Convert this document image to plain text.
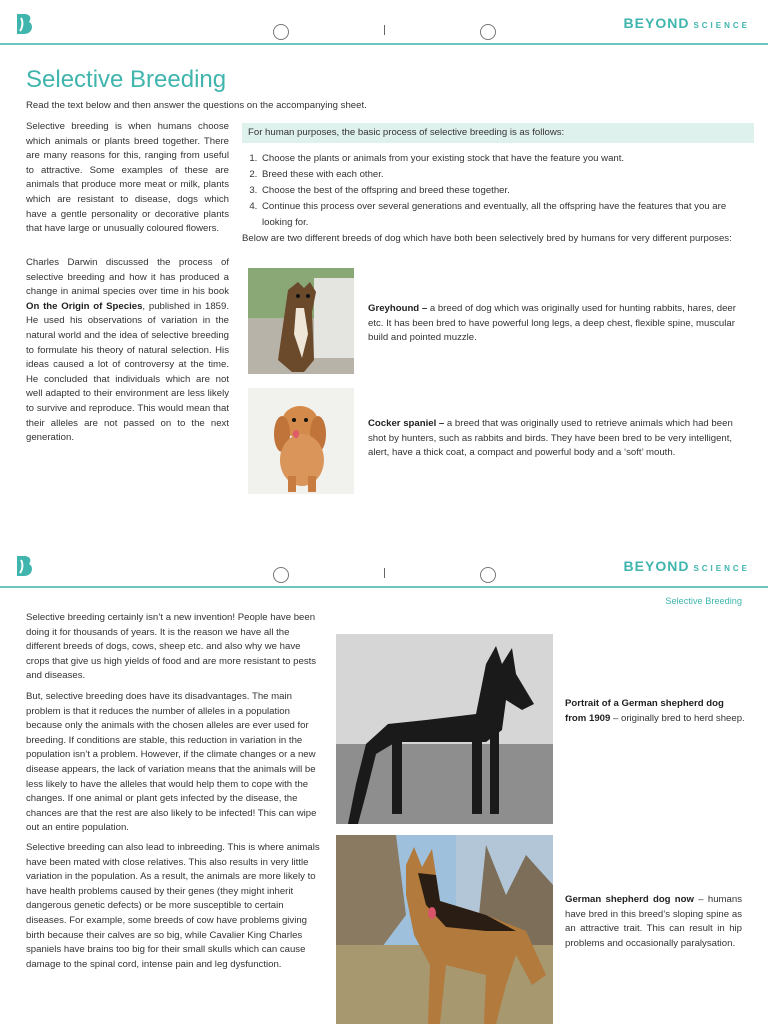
BEYOND SCIENCE
Selective Breeding
Read the text below and then answer the questions on the accompanying sheet.
Selective breeding is when humans choose which animals or plants breed together. There are many reasons for this, ranging from useful to attractive. Some examples of these are animals that produce more meat or milk, plants which are resistant to disease, dogs which have a gentle personality or decorative plants that have large or unusually coloured flowers.
Charles Darwin discussed the process of selective breeding and how it has produced a change in animal species over time in his book On the Origin of Species, published in 1859. He used his observations of variation in the natural world and the idea of selective breeding to formulate his theory of natural selection. His ideas caused a lot of controversy at the time. He concluded that individuals which are not well adapted to their environment are less likely to survive and reproduce. This would mean that their alleles are not passed on to the next generation.
For human purposes, the basic process of selective breeding is as follows:
1. Choose the plants or animals from your existing stock that have the feature you want.
2. Breed these with each other.
3. Choose the best of the offspring and breed these together.
4. Continue this process over several generations and eventually, all the offspring have the features that you are looking for.
Below are two different breeds of dog which have both been selectively bred by humans for very different purposes:
Greyhound – a breed of dog which was originally used for hunting rabbits, hares, deer etc. It has been bred to have powerful long legs, a deep chest, flexible spine, muscular build and pointed muzzle.
Cocker spaniel – a breed that was originally used to retrieve animals which had been shot by hunters, such as rabbits and birds. They have been bred to be very intelligent, alert, have a thick coat, a compact and powerful body and a ‘soft’ mouth.
BEYOND SCIENCE
Selective Breeding
Selective breeding certainly isn’t a new invention! People have been doing it for thousands of years. It is the reason we have all the different breeds of dogs, cows, sheep etc. and also why we have crops that give us high yields of food and are more resistant to pests and diseases.
But, selective breeding does have its disadvantages. The main problem is that it reduces the number of alleles in a population because only the animals with the chosen alleles are ever used for breeding. If conditions are stable, this reduction in variation in the population isn’t a problem. However, if the climate changes or a new disease appears, the lack of variation means that the animals will be less likely to have the alleles that would help them to cope with the changes. If one animal or plant gets infected by the disease, the chances are that the rest are also likely to be infected! This can wipe out an entire population.
Selective breeding can also lead to inbreeding. This is where animals have been mated with close relatives. This also results in very little variation in the population. As a result, the animals are more likely to have health problems caused by their genes (they might inherit dangerous genetic defects) or be more susceptible to certain diseases. For example, some breeds of cow have problems giving birth because their calves are so big, while Cavalier King Charles spaniels have brains too big for their small skulls which can cause damage to the spinal cord, intense pain and leg dysfunction.
Portrait of a German shepherd dog from 1909 – originally bred to herd sheep.
German shepherd dog now – humans have bred in this breed’s sloping spine as an attractive trait. This can result in hip problems and occasionally paralysation.
